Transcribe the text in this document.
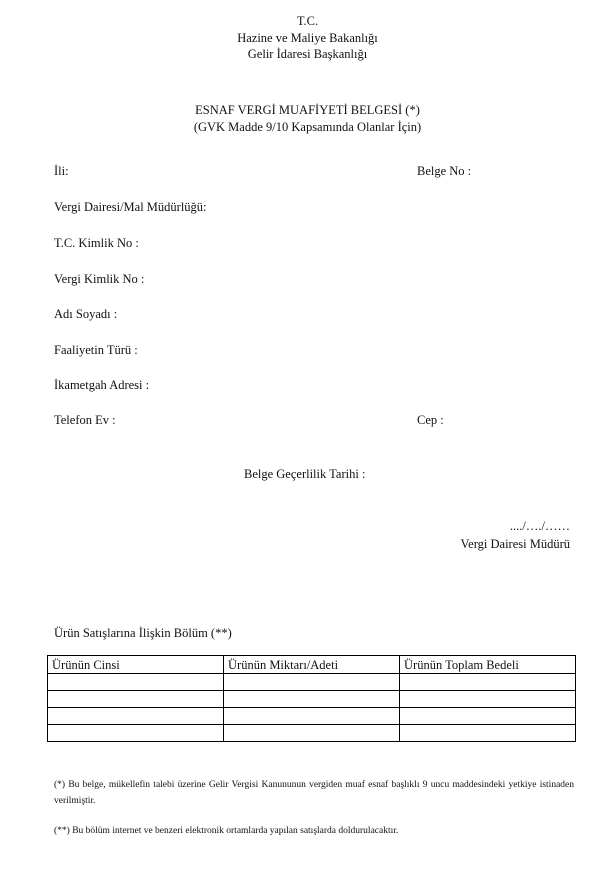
T.C.
Hazine ve Maliye Bakanlığı
Gelir İdaresi Başkanlığı
ESNAF VERGİ MUAFİYETİ BELGESİ (*)
(GVK Madde 9/10 Kapsamında Olanlar İçin)
İli:	Belge No :
Vergi Dairesi/Mal Müdürlüğü:
T.C. Kimlik No :
Vergi Kimlik No :
Adı Soyadı :
Faaliyetin Türü :
İkametgah Adresi :
Telefon Ev :	Cep :
Belge Geçerlilik Tarihi :
..../…./……
Vergi Dairesi Müdürü
Ürün Satışlarına İlişkin Bölüm (**)
Ürünün Cinsi	Ürünün Miktarı/Adeti	Ürünün Toplam Bedeli

(*) Bu belge, mükellefin talebi üzerine Gelir Vergisi Kanununun vergiden muaf esnaf başlıklı 9 uncu maddesindeki yetkiye istinaden verilmiştir.
(**) Bu bölüm internet ve benzeri elektronik ortamlarda yapılan satışlarda doldurulacaktır.
